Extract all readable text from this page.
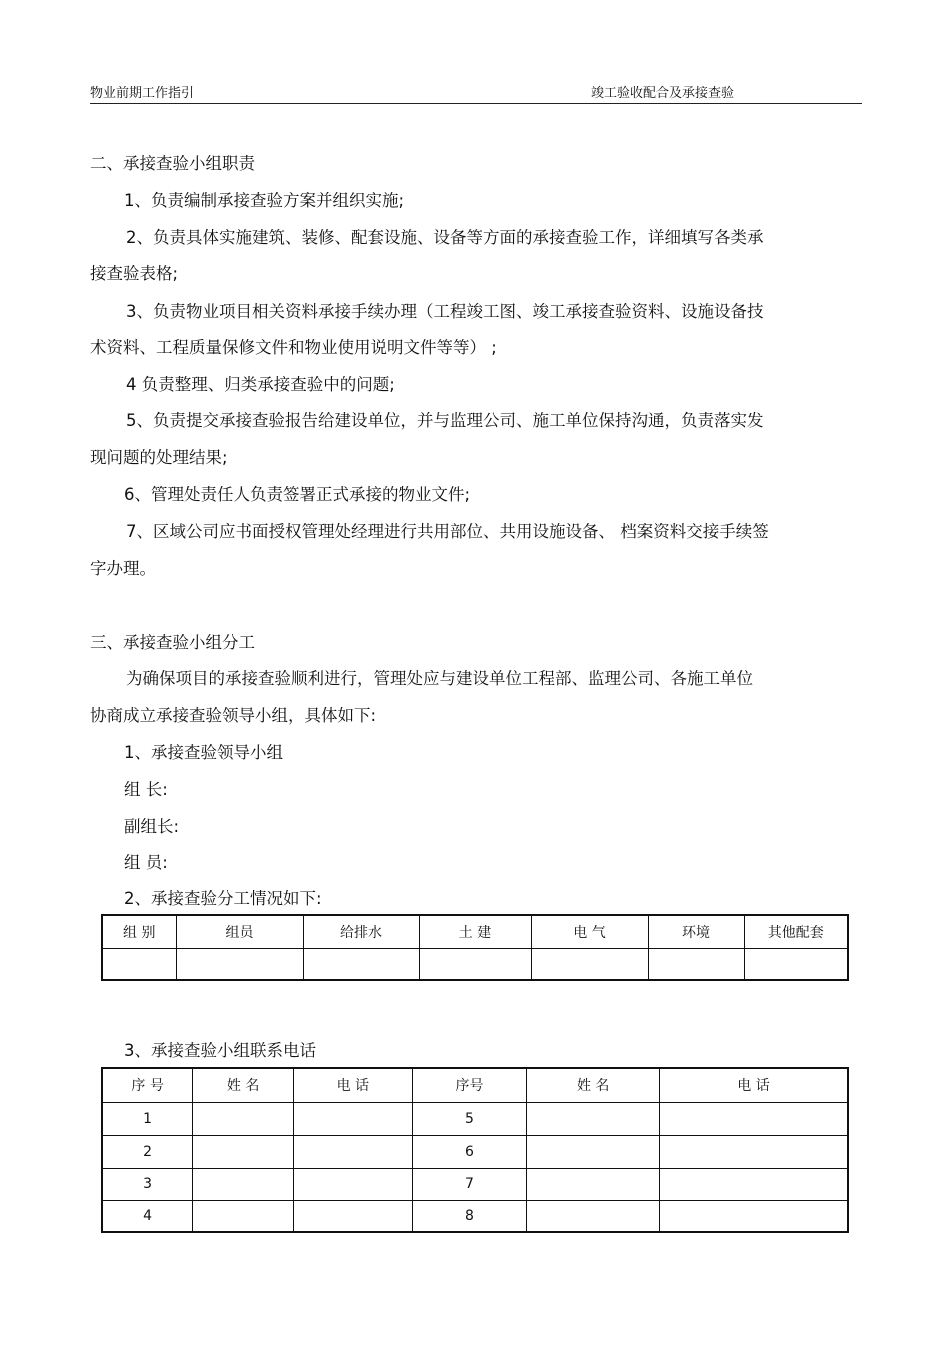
物业前期工作指引	竣工验收配合及承接查验
二、承接查验小组职责
1、负责编制承接查验方案并组织实施;
2、负责具体实施建筑、装修、配套设施、设备等方面的承接查验工作，详细填写各类承
接查验表格;
3、负责物业项目相关资料承接手续办理（工程竣工图、竣工承接查验资料、设施设备技
术资料、工程质量保修文件和物业使用说明文件等等） ;
4 负责整理、归类承接查验中的问题;
5、负责提交承接查验报告给建设单位，并与监理公司、施工单位保持沟通，负责落实发
现问题的处理结果;
6、管理处责任人负责签署正式承接的物业文件;
7、区域公司应书面授权管理处经理进行共用部位、共用设施设备、 档案资料交接手续签
字办理。
三、承接查验小组分工
为确保项目的承接查验顺利进行，管理处应与建设单位工程部、监理公司、各施工单位
协商成立承接查验领导小组，具体如下:
1、承接查验领导小组
组 长:
副组长:
组 员:
2、承接查验分工情况如下:
组 别	组员	给排水	土 建	电 气	环境	其他配套

3、承接查验小组联系电话
序 号	姓 名	电 话	序号	姓 名	电 话
1			5		
2			6		
3			7		
4			8		
